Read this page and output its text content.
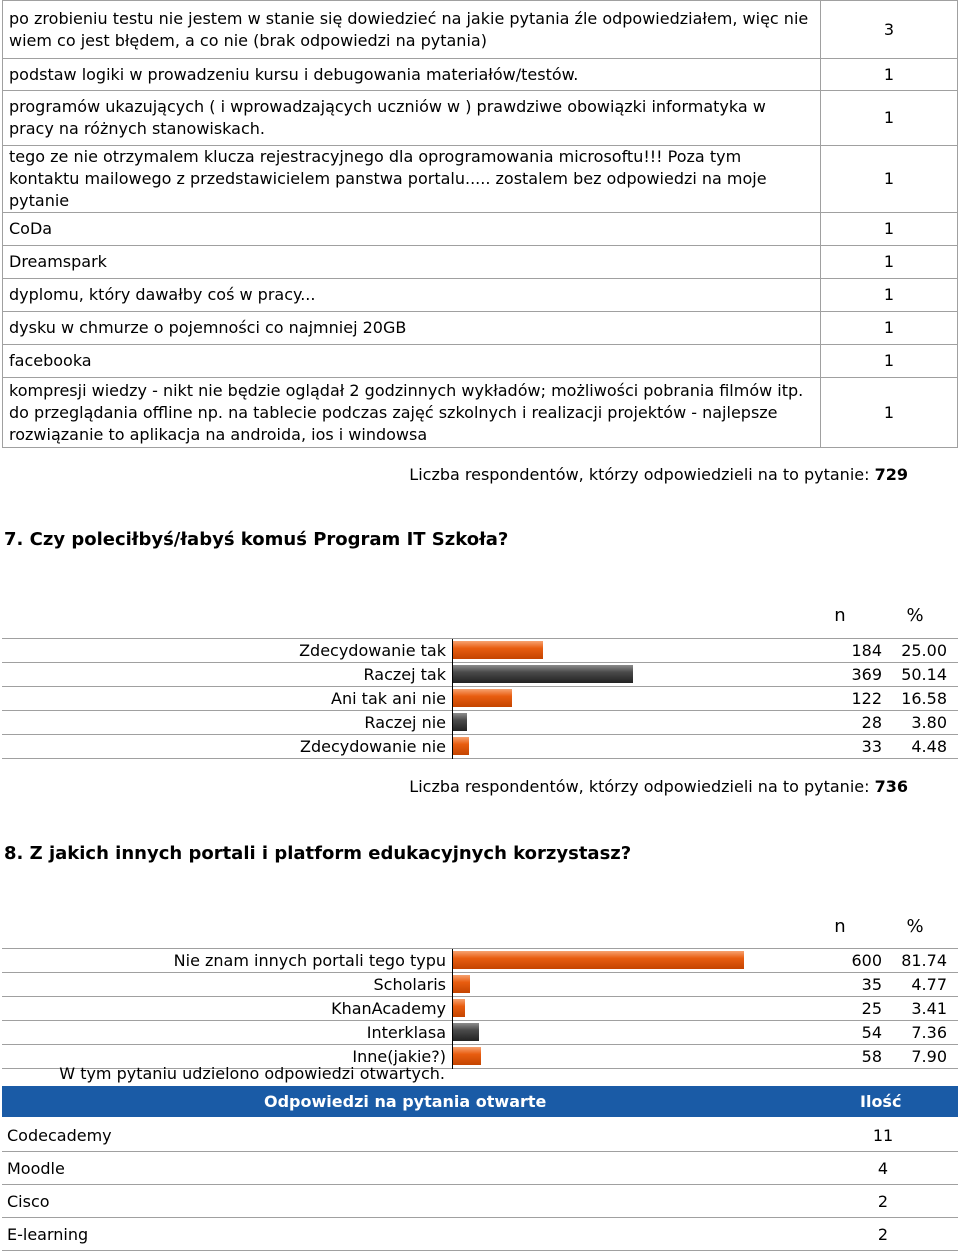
po zrobieniu testu nie jestem w stanie się dowiedzieć na jakie pytania źle odpowiedziałem, więc nie wiem co jest błędem, a co nie (brak odpowiedzi na pytania)	3
podstaw logiki w prowadzeniu kursu i debugowania materiałów/testów.	1
programów ukazujących ( i wprowadzających uczniów w ) prawdziwe obowiązki informatyka w pracy na różnych stanowiskach.	1
tego ze nie otrzymalem klucza rejestracyjnego dla oprogramowania microsoftu!!! Poza tym kontaktu mailowego z przedstawicielem panstwa portalu..... zostalem bez odpowiedzi na moje pytanie	1
CoDa	1
Dreamspark	1
dyplomu, który dawałby coś w pracy...	1
dysku w chmurze o pojemności co najmniej 20GB	1
facebooka	1
kompresji wiedzy - nikt nie będzie oglądał 2 godzinnych wykładów; możliwości pobrania filmów itp. do przeglądania offline np. na tablecie podczas zajęć szkolnych i realizacji projektów - najlepsze rozwiązanie to aplikacja na androida, ios i windowsa	1
Liczba respondentów, którzy odpowiedzieli na to pytanie: 729
7. Czy poleciłbyś/łabyś komuś Program IT Szkoła?
n	%
Zdecydowanie tak	184	25.00
Raczej tak	369	50.14
Ani tak ani nie	122	16.58
Raczej nie	28	3.80
Zdecydowanie nie	33	4.48
Liczba respondentów, którzy odpowiedzieli na to pytanie: 736
8. Z jakich innych portali i platform edukacyjnych korzystasz?
n	%
Nie znam innych portali tego typu	600	81.74
Scholaris	35	4.77
KhanAcademy	25	3.41
Interklasa	54	7.36
Inne(jakie?)	58	7.90
W tym pytaniu udzielono odpowiedzi otwartych.
Odpowiedzi na pytania otwarte	Ilość
Codecademy	11
Moodle	4
Cisco	2
E-learning	2
